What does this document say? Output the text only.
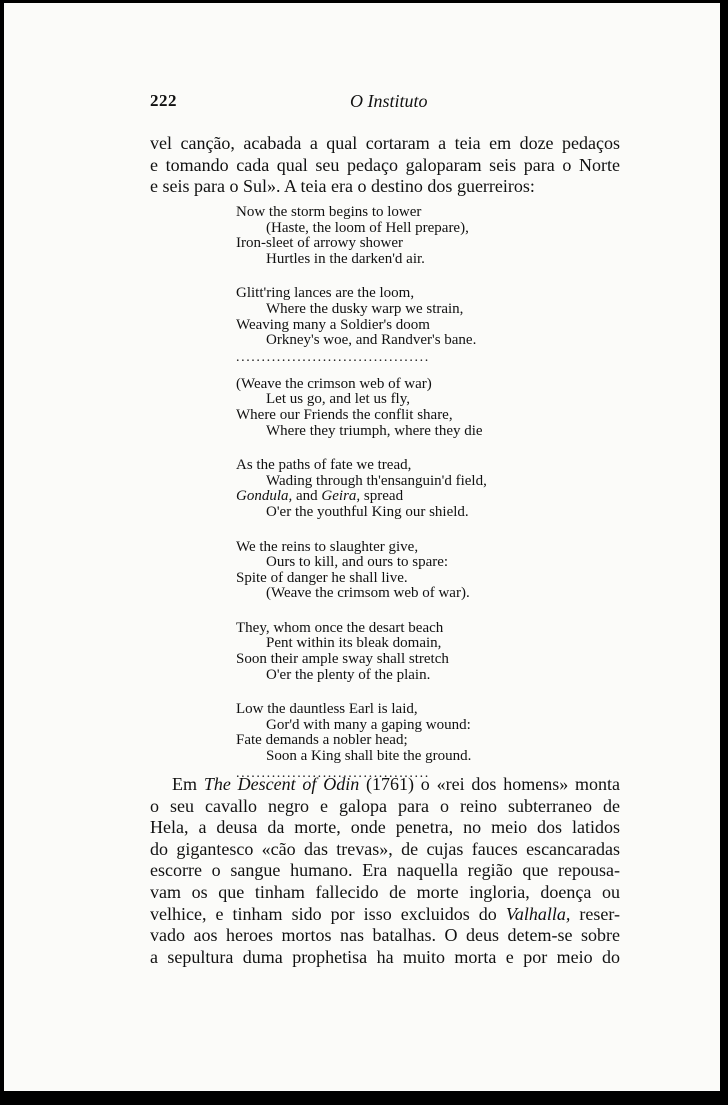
222	O Instituto
vel canção, acabada a qual cortaram a teia em doze pedaços
e tomando cada qual seu pedaço galoparam seis para o Norte
e seis para o Sul». A teia era o destino dos guerreiros:
Now the storm begins to lower
(Haste, the loom of Hell prepare),
Iron-sleet of arrowy shower
Hurtles in the darken'd air.
Glitt'ring lances are the loom,
Where the dusky warp we strain,
Weaving many a Soldier's doom
Orkney's woe, and Randver's bane.
......................................
(Weave the crimson web of war)
Let us go, and let us fly,
Where our Friends the conflit share,
Where they triumph, where they die
As the paths of fate we tread,
Wading through th'ensanguin'd field,
Gondula, and Geira, spread
O'er the youthful King our shield.
We the reins to slaughter give,
Ours to kill, and ours to spare:
Spite of danger he shall live.
(Weave the crimsom web of war).
They, whom once the desart beach
Pent within its bleak domain,
Soon their ample sway shall stretch
O'er the plenty of the plain.
Low the dauntless Earl is laid,
Gor'd with many a gaping wound:
Fate demands a nobler head;
Soon a King shall bite the ground.
......................................
Em The Descent of Odin (1761) o «rei dos homens» monta
o seu cavallo negro e galopa para o reino subterraneo de
Hela, a deusa da morte, onde penetra, no meio dos latidos
do gigantesco «cão das trevas», de cujas fauces escancaradas
escorre o sangue humano. Era naquella região que repousa-
vam os que tinham fallecido de morte ingloria, doença ou
velhice, e tinham sido por isso excluidos do Valhalla, reser-
vado aos heroes mortos nas batalhas. O deus detem-se sobre
a sepultura duma prophetisa ha muito morta e por meio do
